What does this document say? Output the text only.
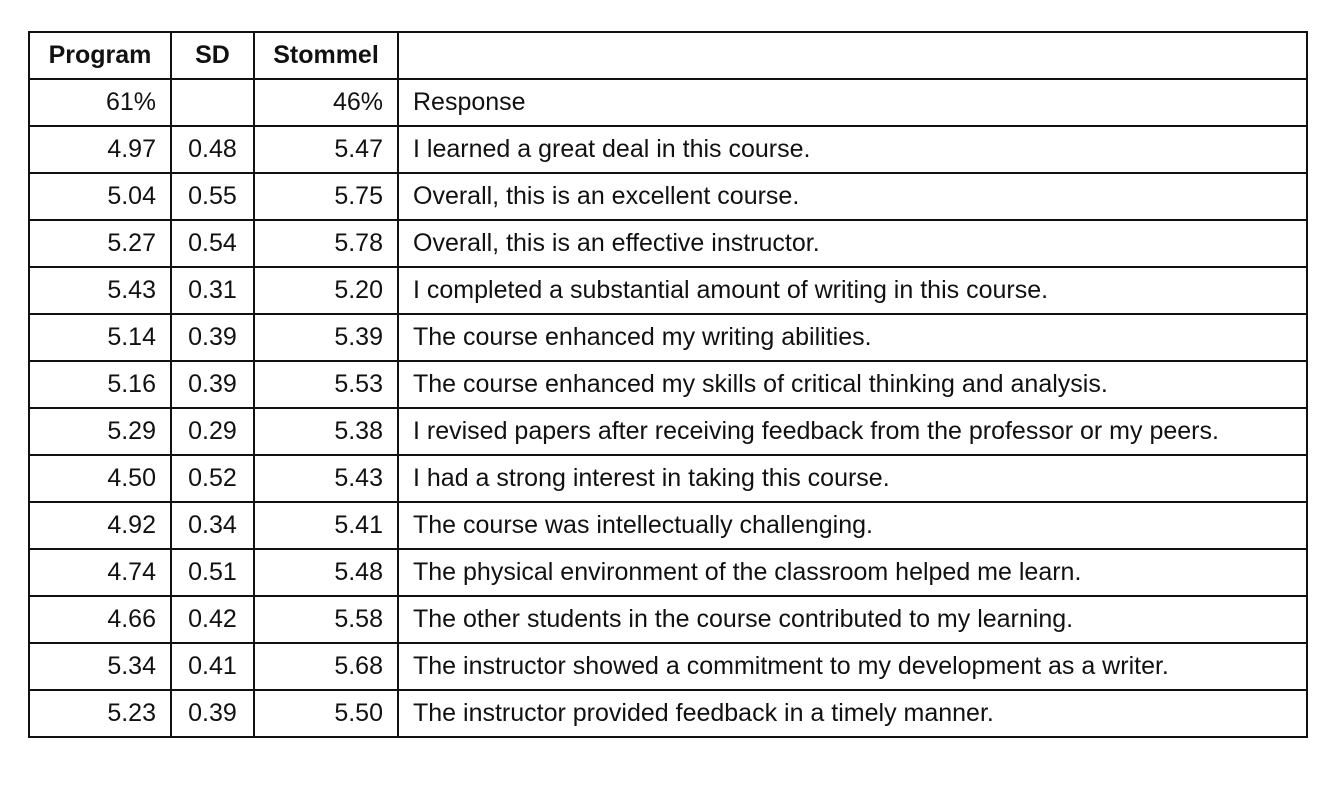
Program	SD	Stommel	
61%		46%	Response
4.97	0.48	5.47	I learned a great deal in this course.
5.04	0.55	5.75	Overall, this is an excellent course.
5.27	0.54	5.78	Overall, this is an effective instructor.
5.43	0.31	5.20	I completed a substantial amount of writing in this course.
5.14	0.39	5.39	The course enhanced my writing abilities.
5.16	0.39	5.53	The course enhanced my skills of critical thinking and analysis.
5.29	0.29	5.38	I revised papers after receiving feedback from the professor or my peers.
4.50	0.52	5.43	I had a strong interest in taking this course.
4.92	0.34	5.41	The course was intellectually challenging.
4.74	0.51	5.48	The physical environment of the classroom helped me learn.
4.66	0.42	5.58	The other students in the course contributed to my learning.
5.34	0.41	5.68	The instructor showed a commitment to my development as a writer.
5.23	0.39	5.50	The instructor provided feedback in a timely manner.
